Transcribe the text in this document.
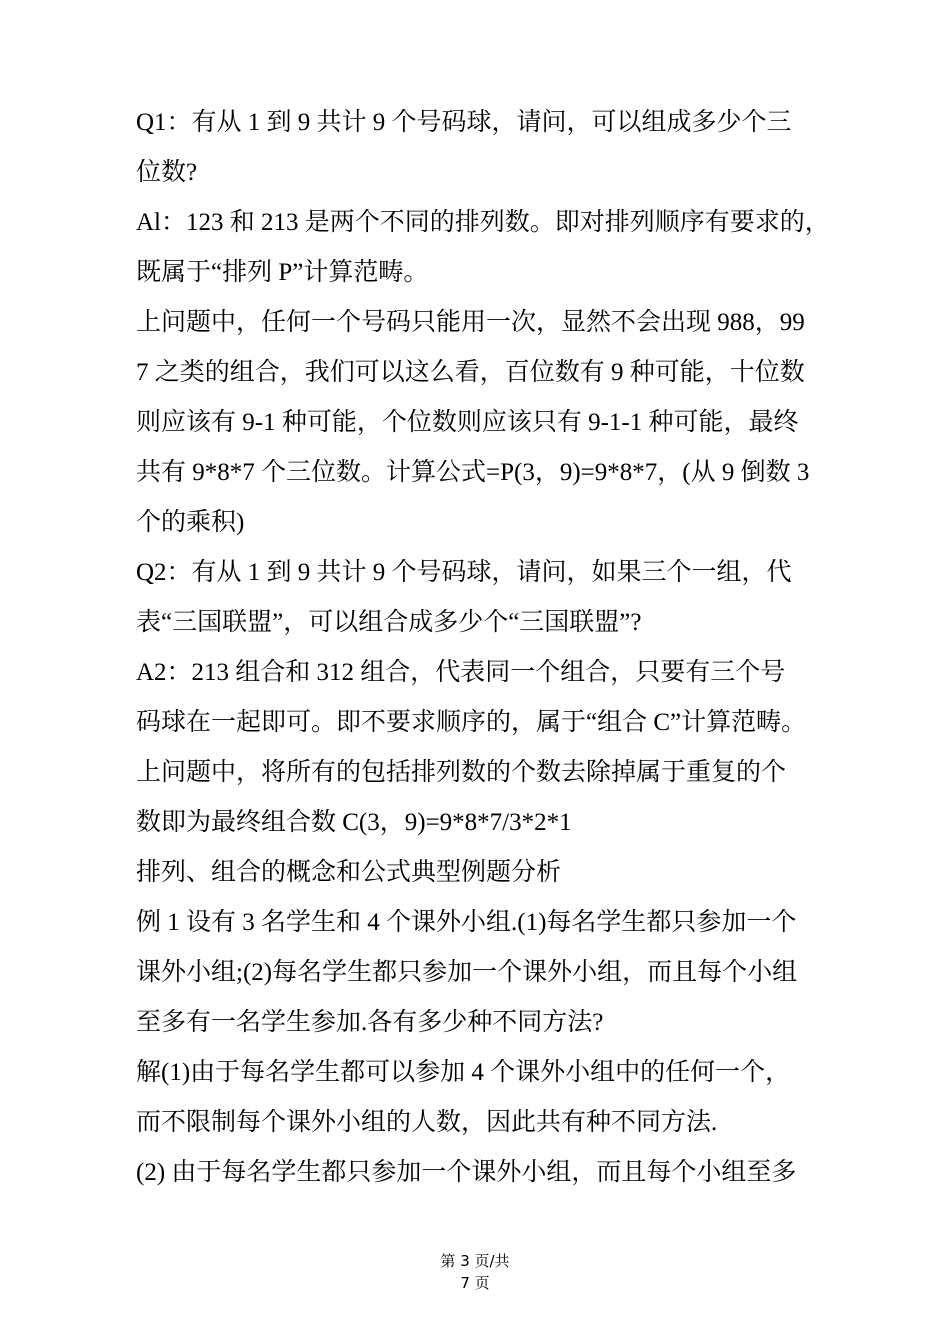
Q1：有从 1 到 9 共计 9 个号码球，请问，可以组成多少个三
位数?
Al：123 和 213 是两个不同的排列数。即对排列顺序有要求的，
既属于“排列 P”计算范畴。
上问题中，任何一个号码只能用一次，显然不会出现 988，99
7 之类的组合，我们可以这么看，百位数有 9 种可能，十位数
则应该有 9-1 种可能，个位数则应该只有 9-1-1 种可能，最终
共有 9*8*7 个三位数。计算公式=P(3，9)=9*8*7，(从 9 倒数 3
个的乘积)
Q2：有从 1 到 9 共计 9 个号码球，请问，如果三个一组，代
表“三国联盟”，可以组合成多少个“三国联盟”?
A2：213 组合和 312 组合，代表同一个组合，只要有三个号
码球在一起即可。即不要求顺序的，属于“组合 C”计算范畴。
上问题中，将所有的包括排列数的个数去除掉属于重复的个
数即为最终组合数 C(3，9)=9*8*7/3*2*1
排列、组合的概念和公式典型例题分析
例 1 设有 3 名学生和 4 个课外小组.(1)每名学生都只参加一个
课外小组;(2)每名学生都只参加一个课外小组，而且每个小组
至多有一名学生参加.各有多少种不同方法?
解(1)由于每名学生都可以参加 4 个课外小组中的任何一个，
而不限制每个课外小组的人数，因此共有种不同方法.
(2) 由于每名学生都只参加一个课外小组，而且每个小组至多
第 3 页/共
7 页
